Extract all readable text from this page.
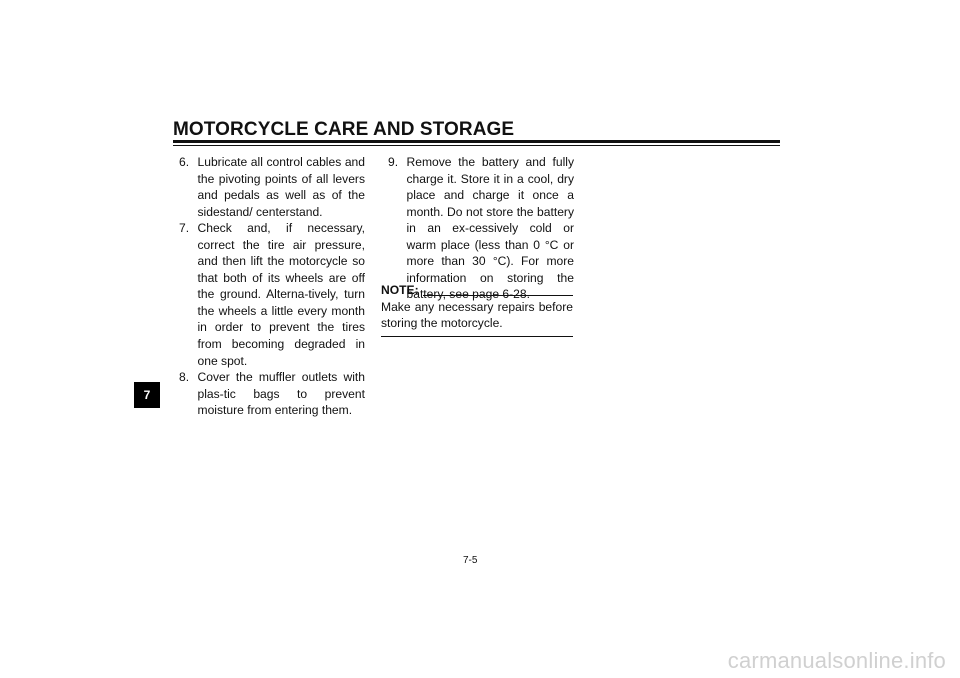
MOTORCYCLE CARE AND STORAGE
7

6. Lubricate all control cables and the pivoting points of all levers and pedals as well as of the sidestand/ centerstand.

7. Check and, if necessary, correct the tire air pressure, and then lift the motorcycle so that both of its wheels are off the ground. Alterna-tively, turn the wheels a little every month in order to prevent the tires from becoming degraded in one spot.

8. Cover the muffler outlets with plas-tic bags to prevent moisture from entering them.

9. Remove the battery and fully charge it. Store it in a cool, dry place and charge it once a month. Do not store the battery in an ex-cessively cold or warm place (less than 0 °C or more than 30 °C). For more information on storing the battery, see page 6-28.

NOTE:

Make any necessary repairs before storing the motorcycle.

7-5
carmanualsonline.info
